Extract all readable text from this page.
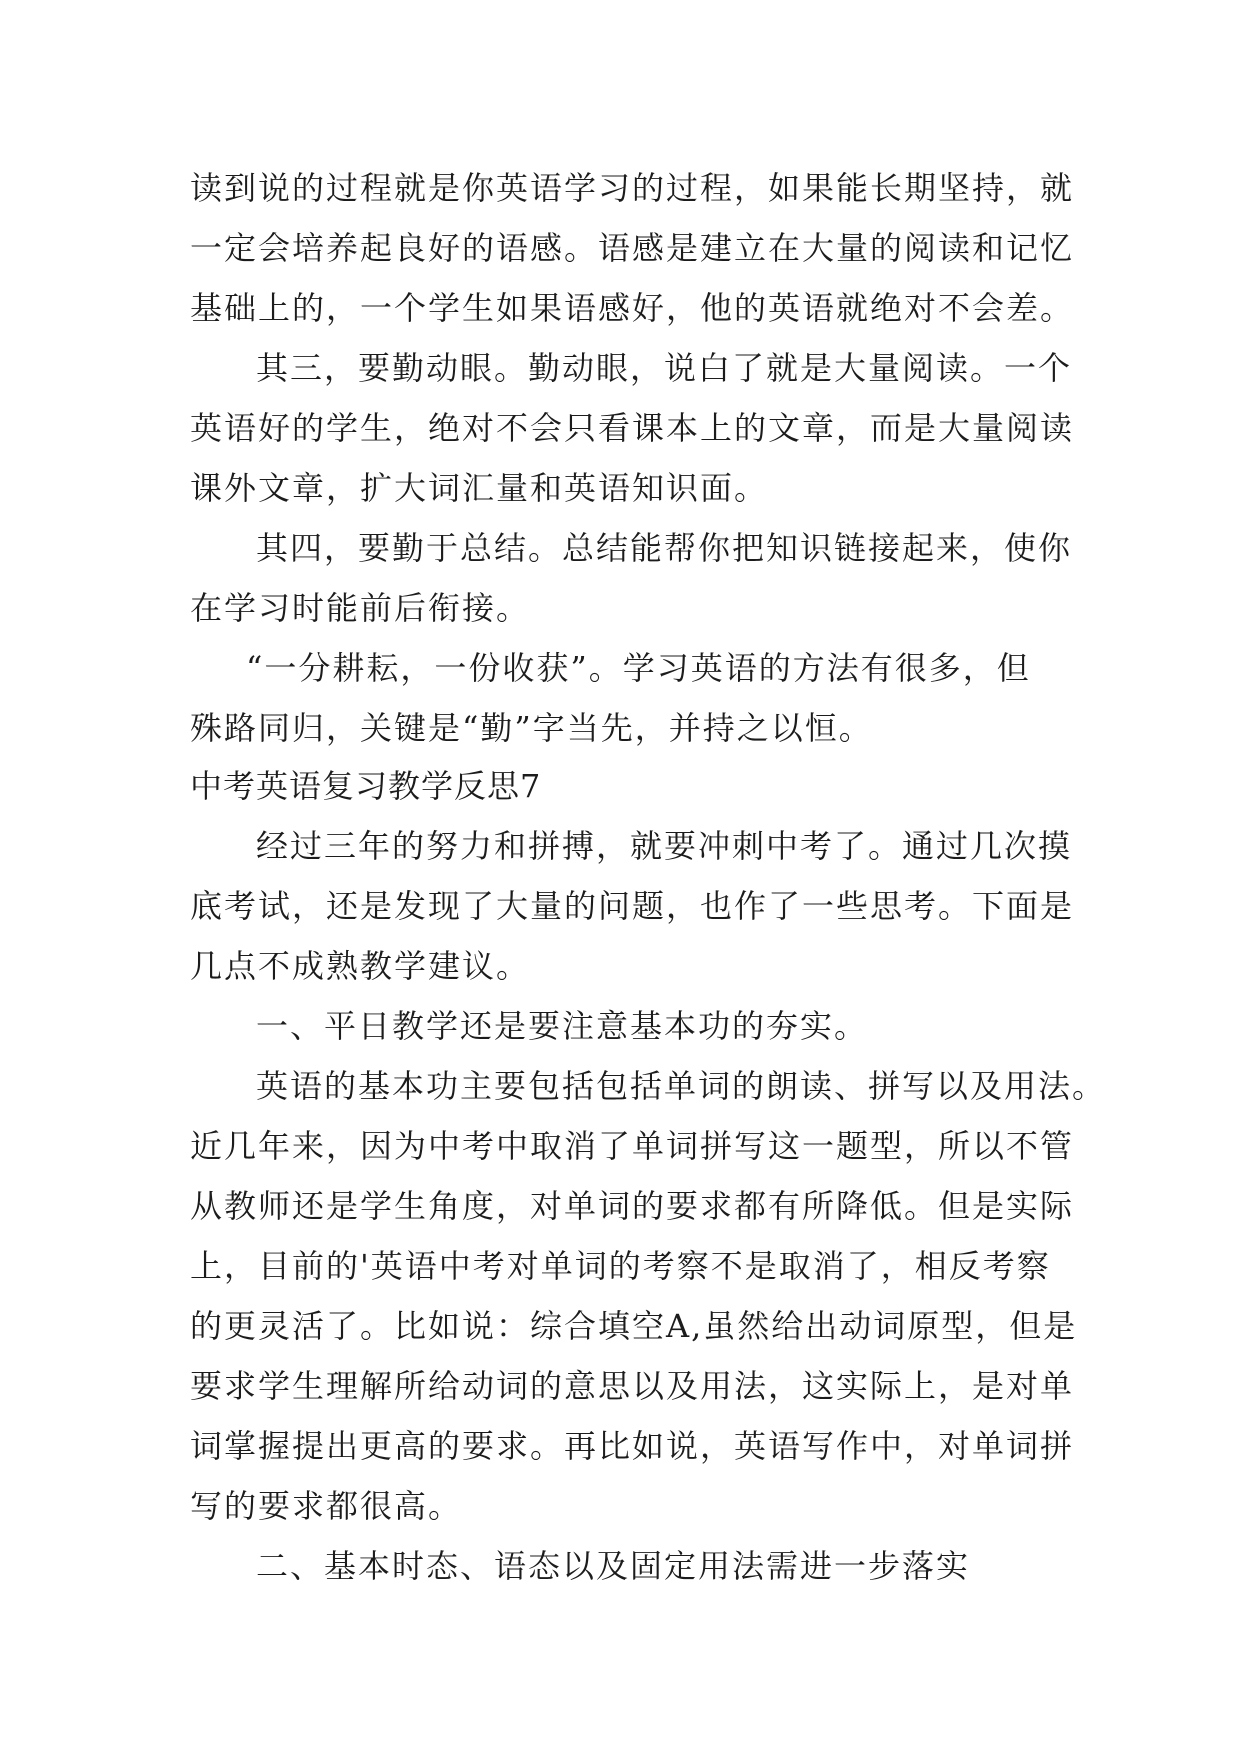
读到说的过程就是你英语学习的过程，如果能长期坚持，就
一定会培养起良好的语感。语感是建立在大量的阅读和记忆
基础上的，一个学生如果语感好，他的英语就绝对不会差。
其三，要勤动眼。勤动眼，说白了就是大量阅读。一个
英语好的学生，绝对不会只看课本上的文章，而是大量阅读
课外文章，扩大词汇量和英语知识面。
其四，要勤于总结。总结能帮你把知识链接起来，使你
在学习时能前后衔接。
“一分耕耘，一份收获”。学习英语的方法有很多，但
殊路同归，关键是“勤”字当先，并持之以恒。
中考英语复习教学反思7
经过三年的努力和拼搏，就要冲刺中考了。通过几次摸
底考试，还是发现了大量的问题，也作了一些思考。下面是
几点不成熟教学建议。
一、平日教学还是要注意基本功的夯实。
英语的基本功主要包括包括单词的朗读、拼写以及用法。
近几年来，因为中考中取消了单词拼写这一题型，所以不管
从教师还是学生角度，对单词的要求都有所降低。但是实际
上，目前的'英语中考对单词的考察不是取消了，相反考察
的更灵活了。比如说：综合填空A,虽然给出动词原型，但是
要求学生理解所给动词的意思以及用法，这实际上，是对单
词掌握提出更高的要求。再比如说，英语写作中，对单词拼
写的要求都很高。
二、基本时态、语态以及固定用法需进一步落实
